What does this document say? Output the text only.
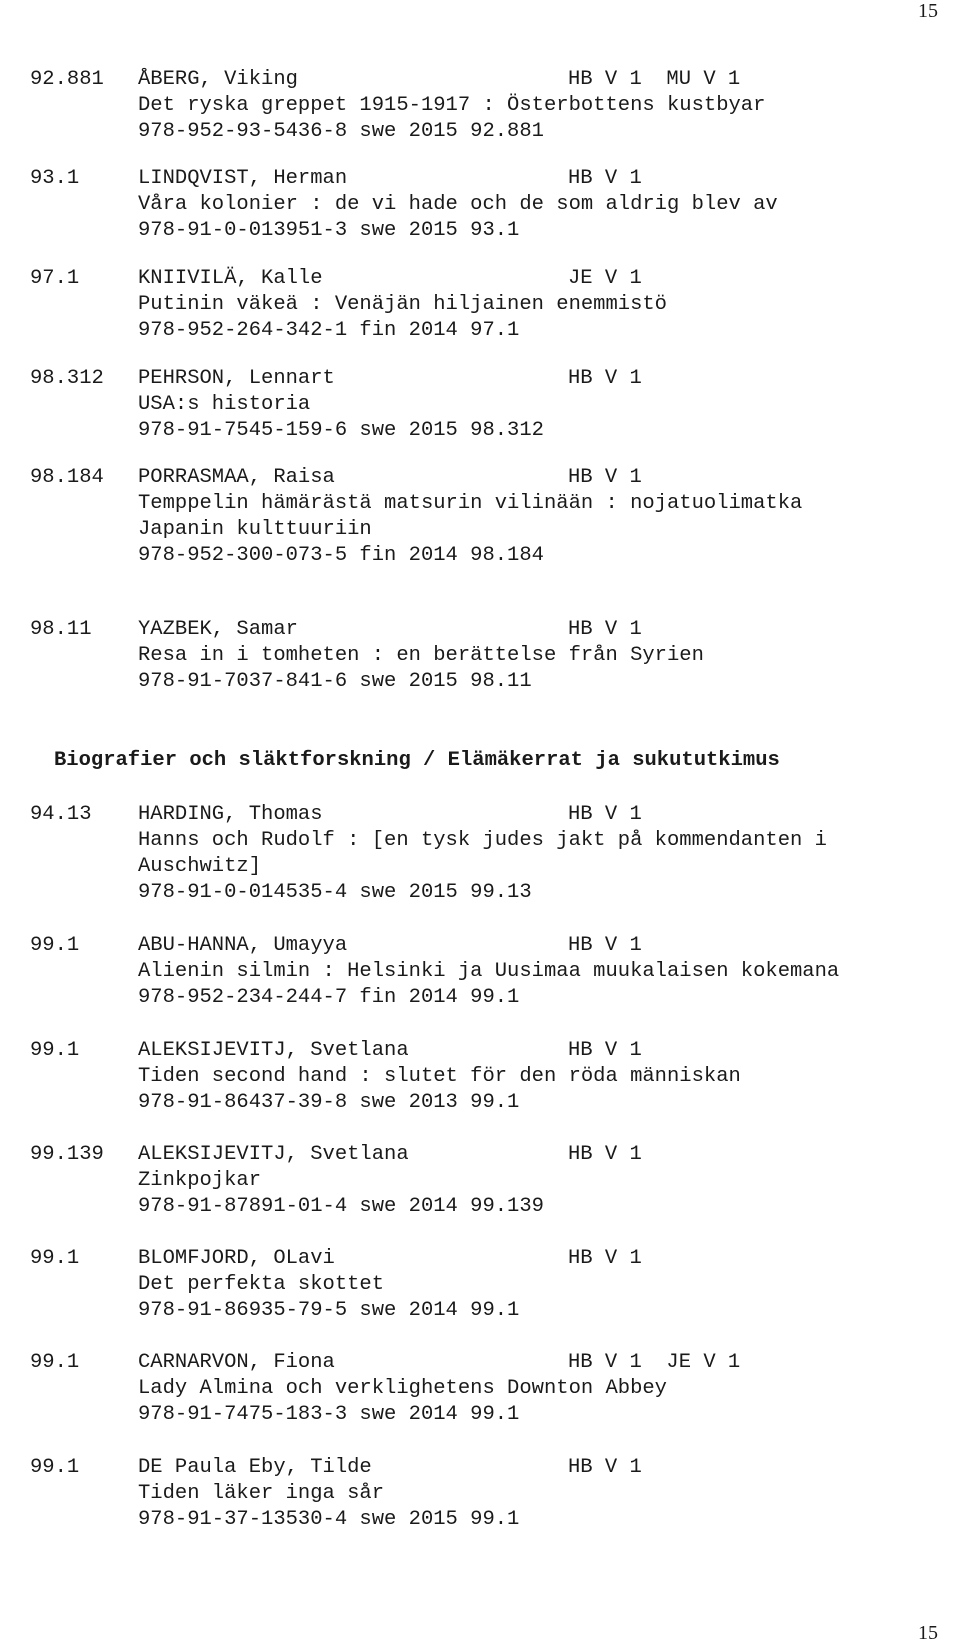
15
92.881 ÅBERG, Viking	HB V 1  MU V 1
Det ryska greppet 1915-1917 : Österbottens kustbyar
978-952-93-5436-8 swe 2015 92.881
93.1	LINDQVIST, Herman	HB V 1
Våra kolonier : de vi hade och de som aldrig blev av
978-91-0-013951-3 swe 2015 93.1
97.1	KNIIVILÄ, Kalle	JE V 1
Putinin väkeä : Venäjän hiljainen enemmistö
978-952-264-342-1 fin 2014 97.1
98.312 PEHRSON, Lennart	HB V 1
USA:s historia
978-91-7545-159-6 swe 2015 98.312
98.184 PORRASMAA, Raisa	HB V 1
Temppelin hämärästä matsurin vilinään : nojatuolimatka
Japanin kulttuuriin
978-952-300-073-5 fin 2014 98.184
98.11 YAZBEK, Samar	HB V 1
Resa in i tomheten : en berättelse från Syrien
978-91-7037-841-6 swe 2015 98.11
Biografier och släktforskning / Elämäkerrat ja sukututkimus
94.13 HARDING, Thomas	HB V 1
Hanns och Rudolf : [en tysk judes jakt på kommendanten i
Auschwitz]
978-91-0-014535-4 swe 2015 99.13
99.1	ABU-HANNA, Umayya	HB V 1
Alienin silmin : Helsinki ja Uusimaa muukalaisen kokemana
978-952-234-244-7 fin 2014 99.1
99.1	ALEKSIJEVITJ, Svetlana	HB V 1
Tiden second hand : slutet för den röda människan
978-91-86437-39-8 swe 2013 99.1
99.139 ALEKSIJEVITJ, Svetlana	HB V 1
Zinkpojkar
978-91-87891-01-4 swe 2014 99.139
99.1	BLOMFJORD, OLavi	HB V 1
Det perfekta skottet
978-91-86935-79-5 swe 2014 99.1
99.1	CARNARVON, Fiona	HB V 1  JE V 1
Lady Almina och verklighetens Downton Abbey
978-91-7475-183-3 swe 2014 99.1
99.1	DE Paula Eby, Tilde	HB V 1
Tiden läker inga sår
978-91-37-13530-4 swe 2015 99.1
15
